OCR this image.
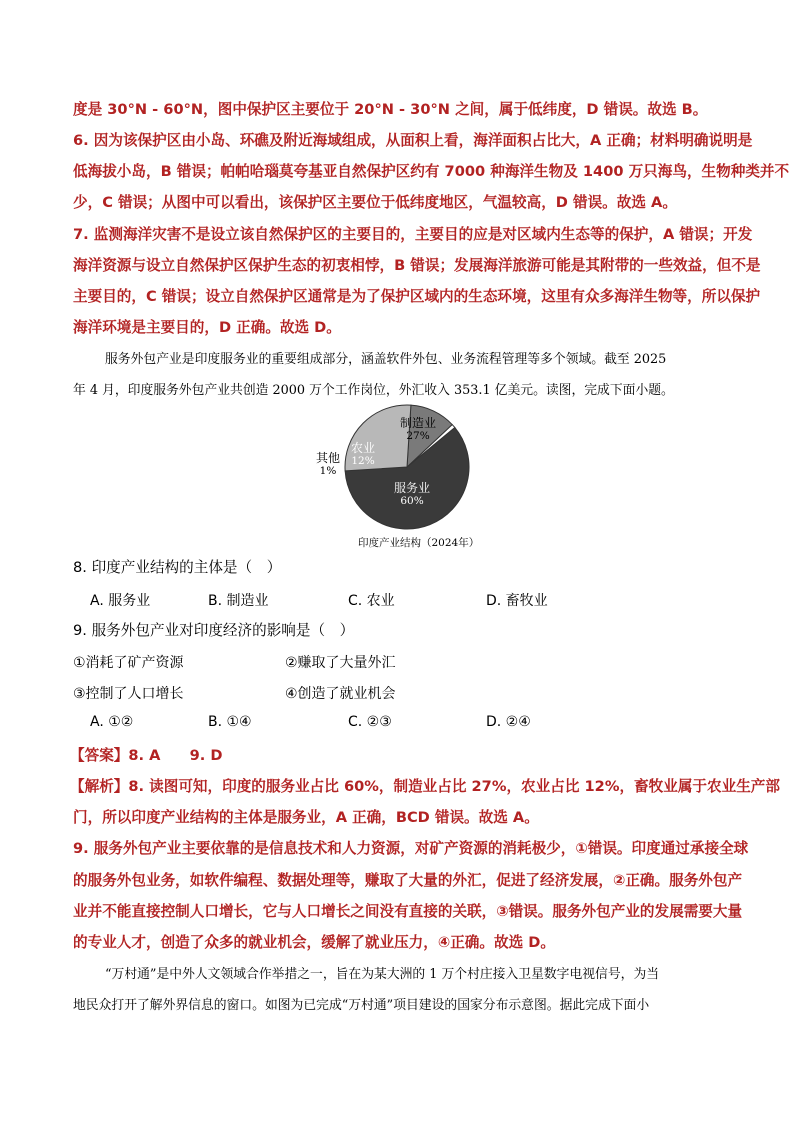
度是 30°N - 60°N，图中保护区主要位于 20°N - 30°N 之间，属于低纬度，D 错误。故选 B。
6. 因为该保护区由小岛、环礁及附近海域组成，从面积上看，海洋面积占比大，A 正确；材料明确说明是
低海拔小岛，B 错误；帕帕哈瑙莫夸基亚自然保护区约有 7000 种海洋生物及 1400 万只海鸟，生物种类并不
少，C 错误；从图中可以看出，该保护区主要位于低纬度地区，气温较高，D 错误。故选 A。
7. 监测海洋灾害不是设立该自然保护区的主要目的，主要目的应是对区域内生态等的保护，A 错误；开发
海洋资源与设立自然保护区保护生态的初衷相悖，B 错误；发展海洋旅游可能是其附带的一些效益，但不是
主要目的，C 错误；设立自然保护区通常是为了保护区域内的生态环境，这里有众多海洋生物等，所以保护
海洋环境是主要目的，D 正确。故选 D。
服务外包产业是印度服务业的重要组成部分，涵盖软件外包、业务流程管理等多个领域。截至 2025
年 4 月，印度服务外包产业共创造 2000 万个工作岗位，外汇收入 353.1 亿美元。读图，完成下面小题。
服务业
60%
其他
1%
农业
12%
制造业
27%
印度产业结构（2024年）
8. 印度产业结构的主体是（　）
A. 服务业	B. 制造业	C. 农业	D. 畜牧业
9. 服务外包产业对印度经济的影响是（　）
①消耗了矿产资源	②赚取了大量外汇
③控制了人口增长	④创造了就业机会
A. ①②	B. ①④	C. ②③	D. ②④
【答案】8. A　　9. D
【解析】8. 读图可知，印度的服务业占比 60%，制造业占比 27%，农业占比 12%，畜牧业属于农业生产部
门，所以印度产业结构的主体是服务业，A 正确，BCD 错误。故选 A。
9. 服务外包产业主要依靠的是信息技术和人力资源，对矿产资源的消耗极少，①错误。印度通过承接全球
的服务外包业务，如软件编程、数据处理等，赚取了大量的外汇，促进了经济发展，②正确。服务外包产
业并不能直接控制人口增长，它与人口增长之间没有直接的关联，③错误。服务外包产业的发展需要大量
的专业人才，创造了众多的就业机会，缓解了就业压力，④正确。故选 D。
“万村通”是中外人文领域合作举措之一，旨在为某大洲的 1 万个村庄接入卫星数字电视信号，为当
地民众打开了解外界信息的窗口。如图为已完成“万村通”项目建设的国家分布示意图。据此完成下面小
